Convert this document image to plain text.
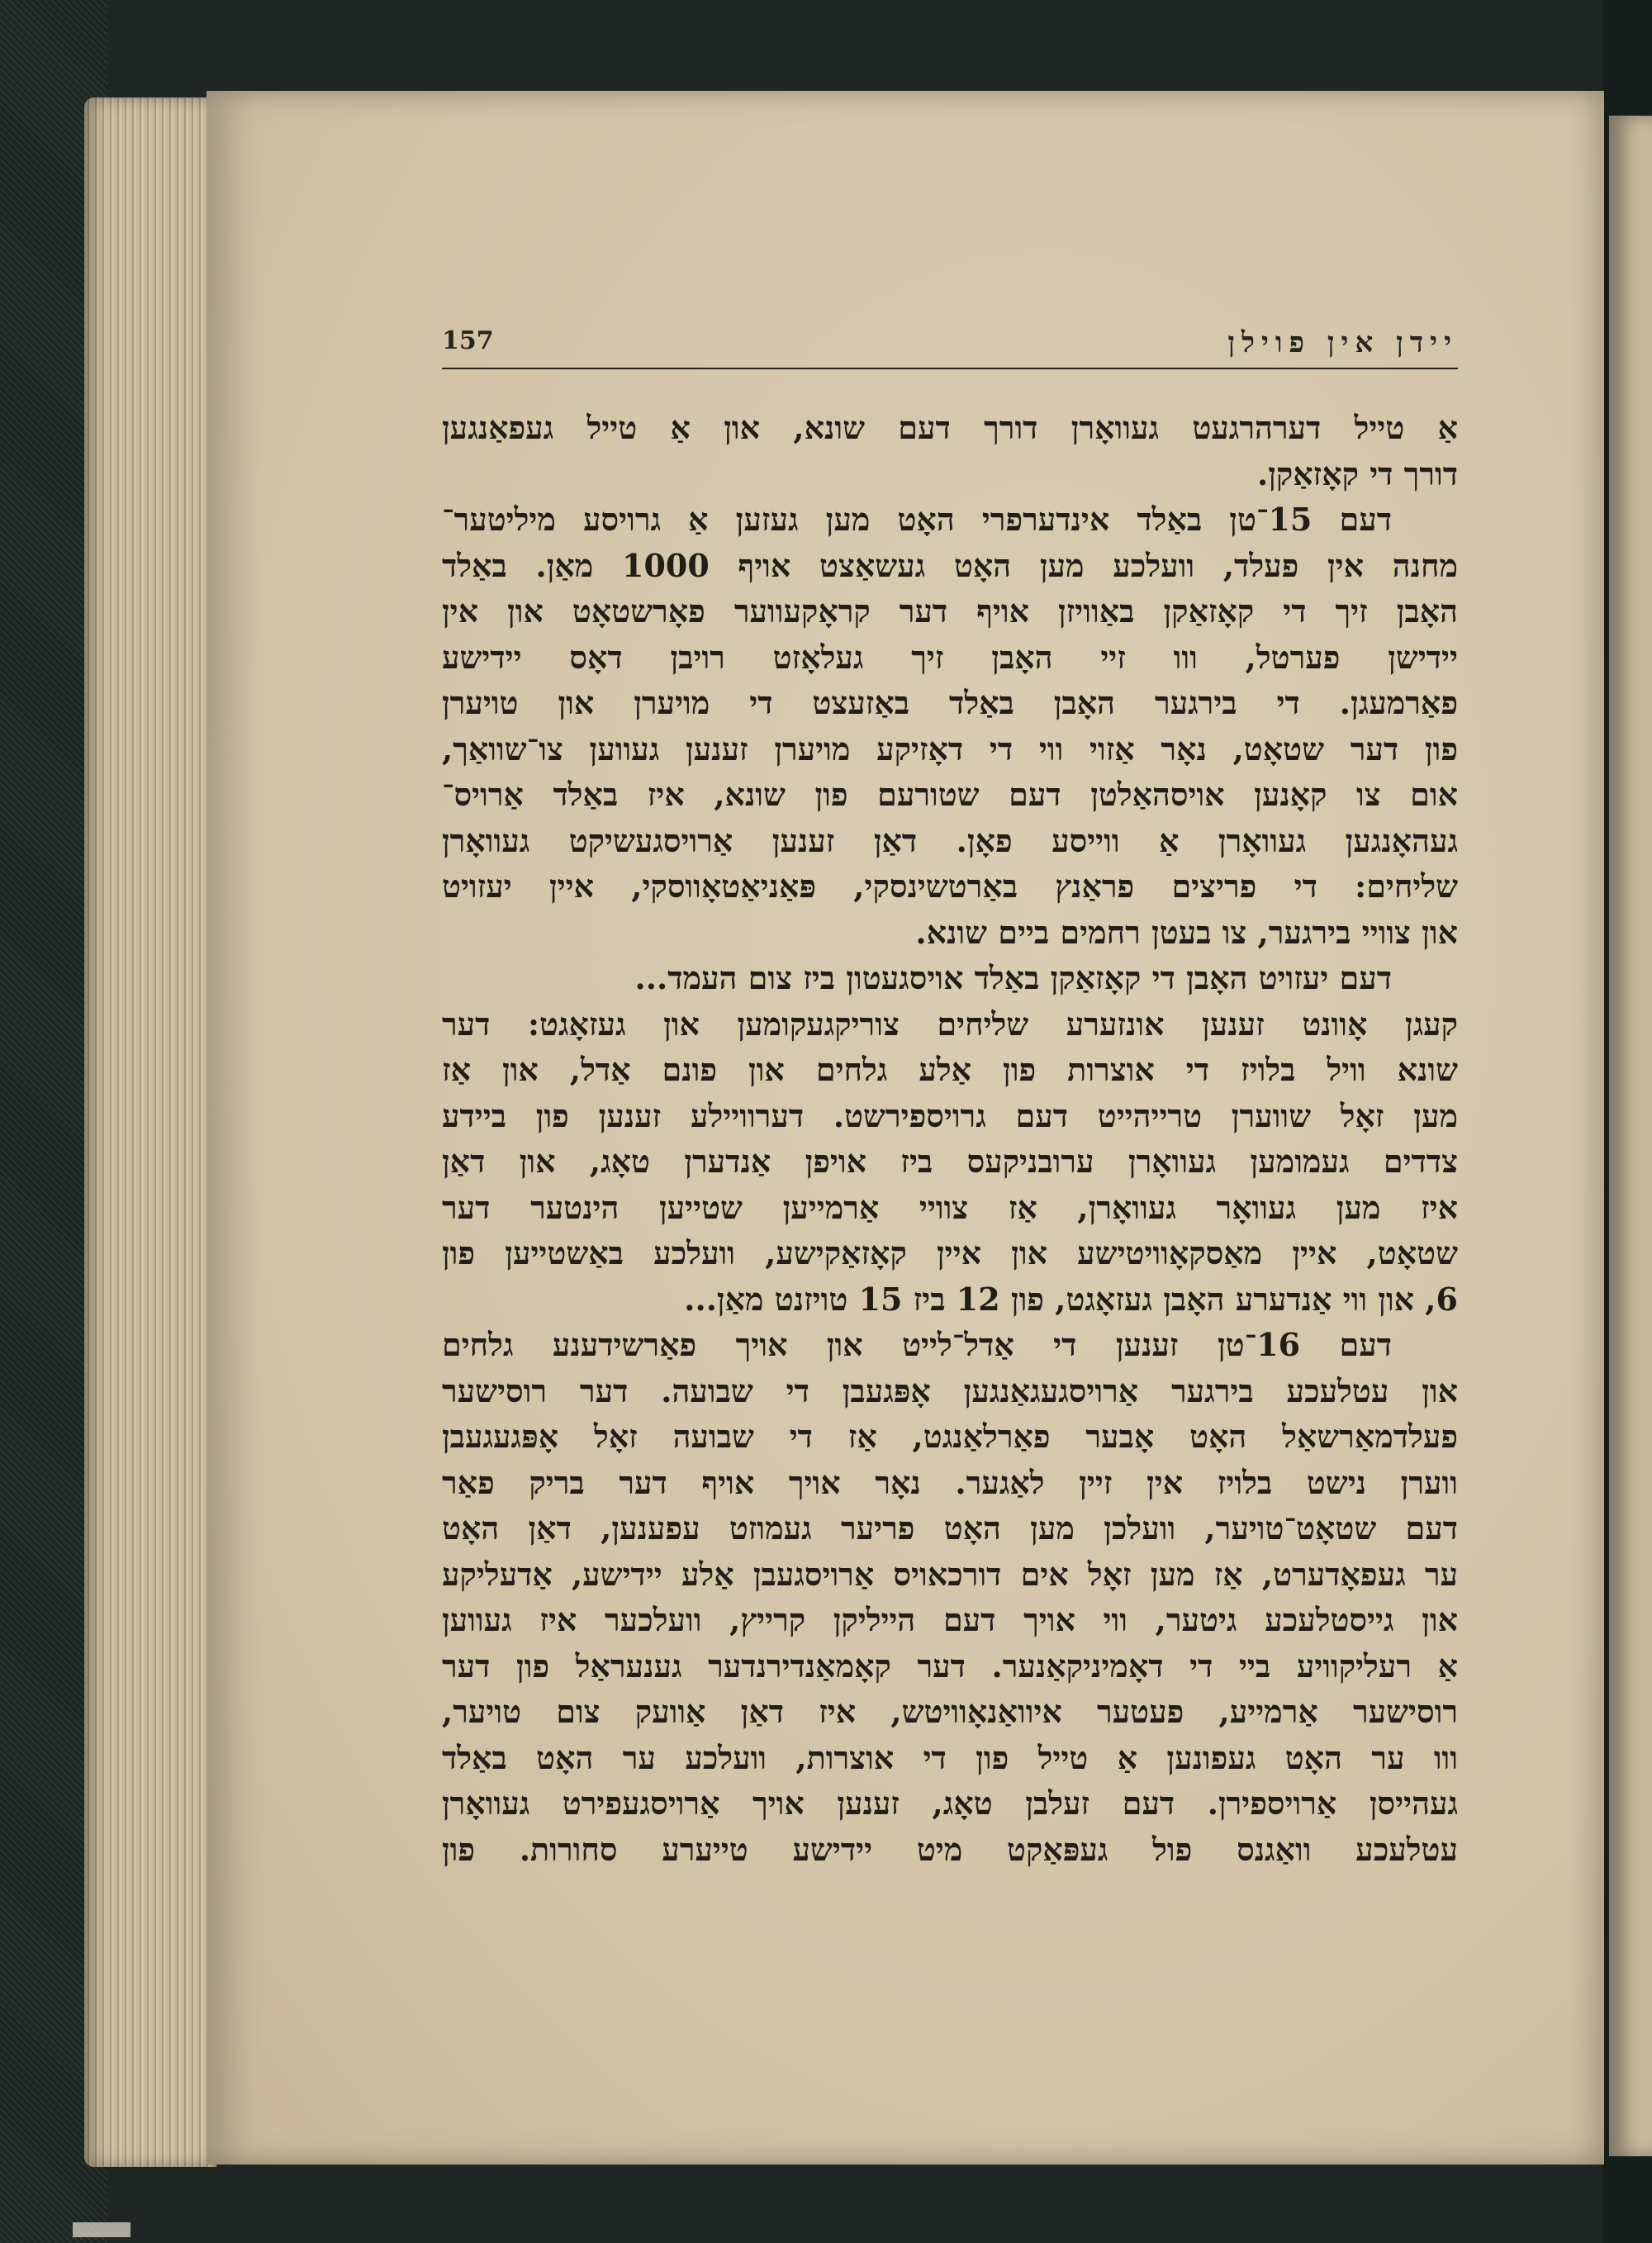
157	יידן אין פוילן
אַ טייל דערהרגעט געוואָרן דורך דעם שונא, און אַ טייל געפאַנגען
דורך די קאָזאַקן.
דעם 15־טן באַלד אינדערפרי האָט מען געזען אַ גרויסע מיליטער־
מחנה אין פעלד, וועלכע מען האָט געשאַצט אויף 1000 מאַן. באַלד
האָבן זיך די קאָזאַקן באַוויזן אויף דער קראָקעווער פאָרשטאָט און אין
יידישן פערטל, ווו זיי האָבן זיך געלאָזט רויבן דאָס יידישע
פאַרמעגן. די בירגער האָבן באַלד באַזעצט די מויערן און טויערן
פון דער שטאָט, נאָר אַזוי ווי די דאָזיקע מויערן זענען געווען צו־שוואַך,
אום צו קאָנען אויסהאַלטן דעם שטורעם פון שונא, איז באַלד אַרויס־
געהאָנגען געוואָרן אַ ווייסע פאָן. דאַן זענען אַרויסגעשיקט געוואָרן
שליחים: די פריצים פראַנץ באַרטשינסקי, פּאַניאַטאָווסקי, איין יעזויט
און צוויי בירגער, צו בעטן רחמים ביים שונא.
דעם יעזויט האָבן די קאָזאַקן באַלד אויסגעטון ביז צום העמד...
קעגן אָוונט זענען אונזערע שליחים צוריקגעקומען און געזאָגט: דער
שונא וויל בלויז די אוצרות פון אַלע גלחים און פונם אַדל, און אַז
מען זאָל שווערן טרייהייט דעם גרויספירשט. דערוויילע זענען פון ביידע
צדדים געמומען געוואָרן ערובניקעס ביז אויפן אַנדערן טאָג, און דאַן
איז מען געוואָר געוואָרן, אַז צוויי אַרמייען שטייען הינטער דער
שטאָט, איין מאַסקאָוויטישע און איין קאָזאַקישע, וועלכע באַשטייען פון
6, און ווי אַנדערע האָבן געזאָגט, פון 12 ביז 15 טויזנט מאַן...
דעם 16־טן זענען די אַדל־לייט און אויך פאַרשידענע גלחים
און עטלעכע בירגער אַרויסגעגאַנגען אָפּגעבן די שבועה. דער רוסישער
פעלדמאַרשאַל האָט אָבער פאַרלאַנגט, אַז די שבועה זאָל אָפּגעגעבן
ווערן נישט בלויז אין זיין לאַגער. נאָר אויך אויף דער בריק פאַר
דעם שטאָט־טויער, וועלכן מען האָט פריער געמוזט עפענען, דאַן האָט
ער געפאָדערט, אַז מען זאָל אים דורכאויס אַרויסגעבן אַלע יידישע, אַדעליקע
און גייסטלעכע גיטער, ווי אויך דעם הייליקן קרייץ, וועלכער איז געווען
אַ רעליקוויע ביי די דאָמיניקאַנער. דער קאָמאַנדירנדער גענעראַל פון דער
רוסישער אַרמייע, פעטער איוואַנאָוויטש, איז דאַן אַוועק צום טויער,
ווו ער האָט געפונען אַ טייל פון די אוצרות, וועלכע ער האָט באַלד
געהייסן אַרויספירן. דעם זעלבן טאָג, זענען אויך אַרויסגעפירט געוואָרן
עטלעכע וואַגנס פול געפּאַקט מיט יידישע טייערע סחורות. פון
